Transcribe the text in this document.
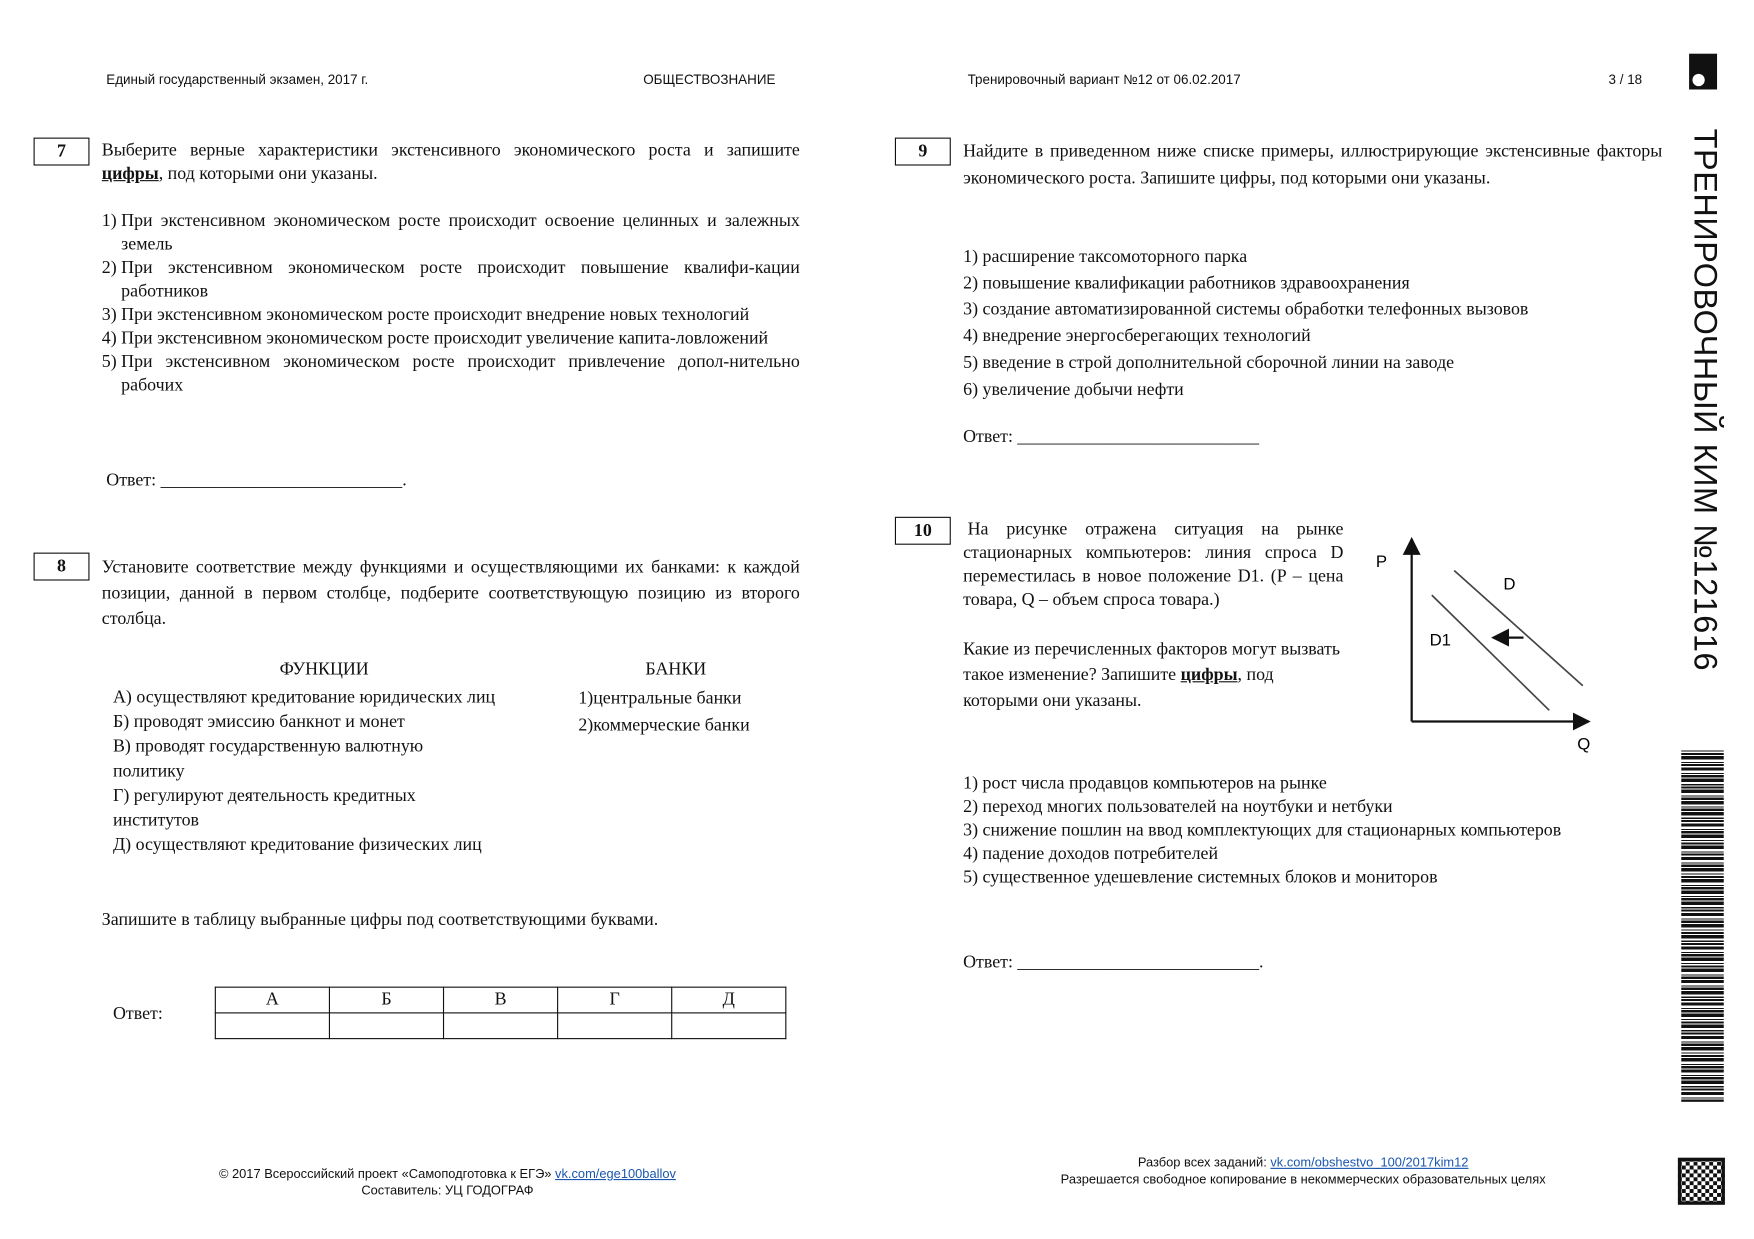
Единый государственный экзамен, 2017 г.	ОБЩЕСТВОЗНАНИЕ	Тренировочный вариант №12 от 06.02.2017	3 / 18
ТРЕНИРОВОЧНЫЙ КИМ №121616
7	Выберите верные характеристики экстенсивного экономического роста и запишите цифры, под которыми они указаны.
1) При экстенсивном экономическом росте происходит освоение целинных и залежных земель
2) При экстенсивном экономическом росте происходит повышение квалифи-кации работников
3) При экстенсивном экономическом росте происходит внедрение новых технологий
4) При экстенсивном экономическом росте происходит увеличение капита-ловложений
5) При экстенсивном экономическом росте происходит привлечение допол-нительно рабочих
Ответ: ___________________________.
8	Установите соответствие между функциями и осуществляющими их банками: к каждой позиции, данной в первом столбце, подберите соответствующую позицию из второго столбца.
ФУНКЦИИ	БАНКИ
А) осуществляют кредитование юридических лиц
Б) проводят эмиссию банкнот и монет
В) проводят государственную валютную политику
Г) регулируют деятельность кредитных институтов
Д) осуществляют кредитование физических лиц
1)центральные банки
2)коммерческие банки
Запишите в таблицу выбранные цифры под соответствующими буквами.
Ответ:
А	Б	В	Г	Д

9	Найдите в приведенном ниже списке примеры, иллюстрирующие экстенсивные факторы экономического роста. Запишите цифры, под которыми они указаны.
1) расширение таксомоторного парка
2) повышение квалификации работников здравоохранения
3) создание автоматизированной системы обработки телефонных вызовов
4) внедрение энергосберегающих технологий
5) введение в строй дополнительной сборочной линии на заводе
6) увеличение добычи нефти
Ответ: ___________________________
10	На рисунке отражена ситуация на рынке стационарных компьютеров: линия спроса D переместилась в новое положение D1. (P – цена товара, Q – объем спроса товара.)
Какие из перечисленных факторов могут вызвать такое изменение? Запишите цифры, под которыми они указаны.
P
D
D1
Q
1) рост числа продавцов компьютеров на рынке
2) переход многих пользователей на ноутбуки и нетбуки
3) снижение пошлин на ввод комплектующих для стационарных компьютеров
4) падение доходов потребителей
5) существенное удешевление системных блоков и мониторов
Ответ: ___________________________.
© 2017 Всероссийский проект «Самоподготовка к ЕГЭ» vk.com/ege100ballov
Составитель: УЦ ГОДОГРАФ
Разбор всех заданий: vk.com/obshestvo_100/2017kim12
Разрешается свободное копирование в некоммерческих образовательных целях
